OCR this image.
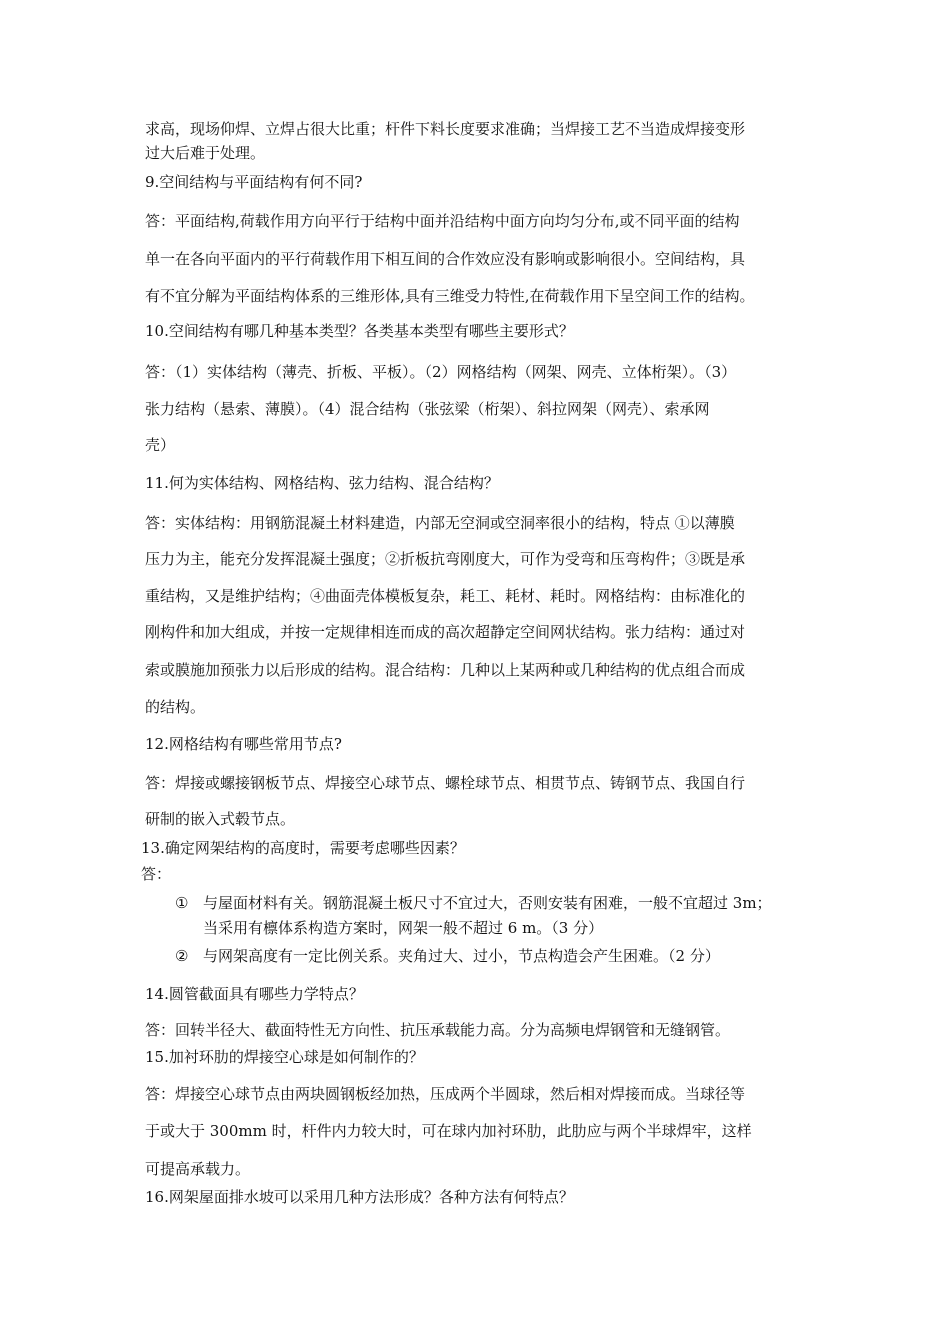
求高，现场仰焊、立焊占很大比重；杆件下料长度要求准确；当焊接工艺不当造成焊接变形
过大后难于处理。
9.空间结构与平面结构有何不同?
答：平面结构,荷载作用方向平行于结构中面并沿结构中面方向均匀分布,或不同平面的结构
单一在各向平面内的平行荷载作用下相互间的合作效应没有影响或影响很小。空间结构，具
有不宜分解为平面结构体系的三维形体,具有三维受力特性,在荷载作用下呈空间工作的结构。
10.空间结构有哪几种基本类型？各类基本类型有哪些主要形式？
答：（1）实体结构（薄壳、折板、平板）。（2）网格结构（网架、网壳、立体桁架）。（3）
张力结构（悬索、薄膜）。（4）混合结构（张弦梁（桁架）、斜拉网架（网壳）、索承网
壳）
11.何为实体结构、网格结构、弦力结构、混合结构？
答：实体结构：用钢筋混凝土材料建造，内部无空洞或空洞率很小的结构，特点 ①以薄膜
压力为主，能充分发挥混凝土强度；②折板抗弯刚度大，可作为受弯和压弯构件；③既是承
重结构，又是维护结构；④曲面壳体模板复杂，耗工、耗材、耗时。网格结构：由标准化的
刚构件和加大组成，并按一定规律相连而成的高次超静定空间网状结构。张力结构：通过对
索或膜施加预张力以后形成的结构。混合结构：几种以上某两种或几种结构的优点组合而成
的结构。
12.网格结构有哪些常用节点?
答：焊接或螺接钢板节点、焊接空心球节点、螺栓球节点、相贯节点、铸钢节点、我国自行
研制的嵌入式毂节点。
13.确定网架结构的高度时，需要考虑哪些因素？
答：
① 与屋面材料有关。钢筋混凝土板尺寸不宜过大，否则安装有困难，一般不宜超过 3m；
当采用有檩体系构造方案时，网架一般不超过 6 m。（3 分）
② 与网架高度有一定比例关系。夹角过大、过小，节点构造会产生困难。（2 分）
14.圆管截面具有哪些力学特点？
答：回转半径大、截面特性无方向性、抗压承载能力高。分为高频电焊钢管和无缝钢管。
15.加衬环肋的焊接空心球是如何制作的？
答：焊接空心球节点由两块圆钢板经加热，压成两个半圆球，然后相对焊接而成。当球径等
于或大于 300mm 时，杆件内力较大时，可在球内加衬环肋，此肋应与两个半球焊牢，这样
可提高承载力。
16.网架屋面排水坡可以采用几种方法形成？各种方法有何特点？
